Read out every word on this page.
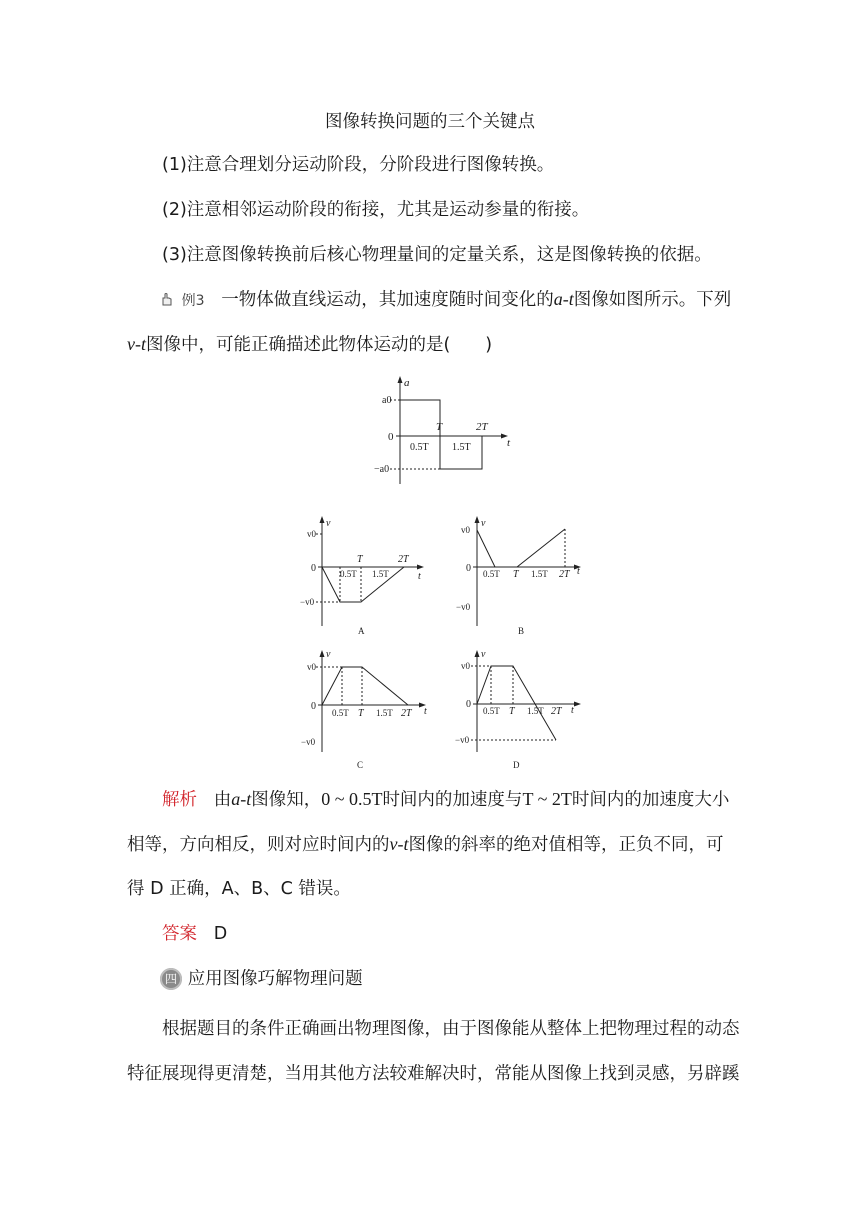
图像转换问题的三个关键点
(1)注意合理划分运动阶段，分阶段进行图像转换。
(2)注意相邻运动阶段的衔接，尤其是运动参量的衔接。
(3)注意图像转换前后核心物理量间的定量关系，这是图像转换的依据。
例3 一物体做直线运动，其加速度随时间变化的a-t图像如图所示。下列
v-t图像中，可能正确描述此物体运动的是(　　)
a
t
0
a0
−a0
T	2T
0.5T 1.5T
v
t
0
v0
−v0
T	2T
0.5T 1.5T
A
v
t
0
v0
−v0
0.5T T 1.5T 2T
B
v
t
0
v0
−v0
0.5T T 1.5T 2T
C
v
t
0
v0
−v0
0.5T T 1.5T 2T
D
解析 由a-t图像知，0 ~ 0.5T时间内的加速度与T ~ 2T时间内的加速度大小
相等，方向相反，则对应时间内的v-t图像的斜率的绝对值相等，正负不同，可
得 D 正确，A、B、C 错误。
答案 D
四 应用图像巧解物理问题
根据题目的条件正确画出物理图像，由于图像能从整体上把物理过程的动态
特征展现得更清楚，当用其他方法较难解决时，常能从图像上找到灵感，另辟蹊
